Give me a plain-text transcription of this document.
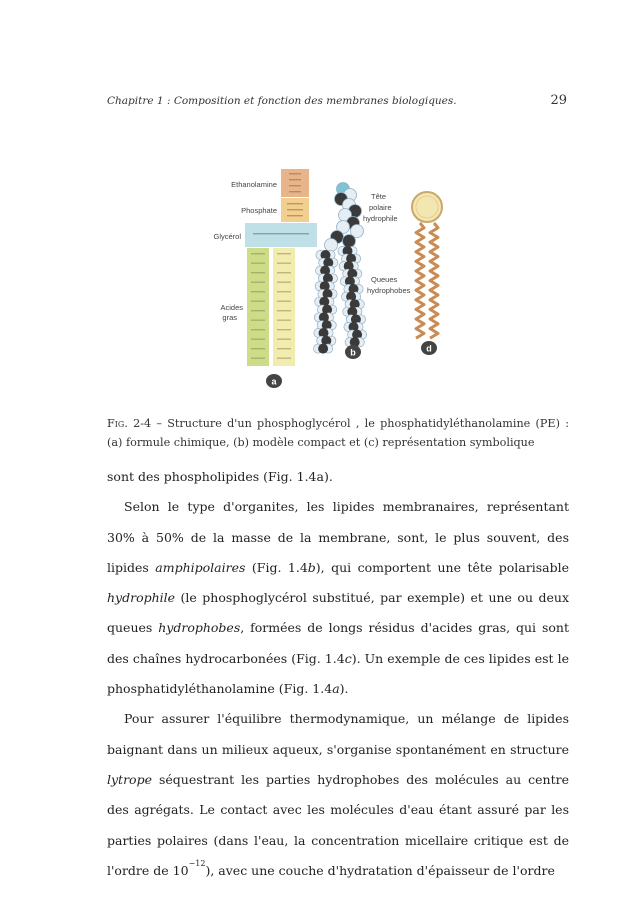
Chapitre 1 : Composition et fonction des membranes biologiques.	29
Ethanolamine
Phosphate
Glycérol
Acides
gras
Tête
polaire
hydrophile
Queues
hydrophobes
a
b	d
Fig. 2-4 – Structure d'un phosphoglycérol , le phosphatidyléthanolamine (PE) : (a) formule chimique, (b) modèle compact et (c) représentation symbolique

sont des phospholipides (Fig. 1.4a).

Selon le type d'organites, les lipides membranaires, représentant 30% à 50% de la masse de la membrane, sont, le plus souvent, des lipides amphipolaires (Fig. 1.4b), qui comportent une tête polarisable hydrophile (le phosphoglycérol substitué, par exemple) et une ou deux queues hydrophobes, formées de longs résidus d'acides gras, qui sont des chaînes hydrocarbonées (Fig. 1.4c). Un exemple de ces lipides est le phosphatidyléthanolamine (Fig. 1.4a).

Pour assurer l'équilibre thermodynamique, un mélange de lipides baignant dans un milieux aqueux, s'organise spontanément en structure lytrope séquestrant les parties hydrophobes des molécules au centre des agrégats. Le contact avec les molécules d'eau étant assuré par les parties polaires (dans l'eau, la concentration micellaire critique est de l'ordre de $10^{-12}$), avec une couche d'hydratation d'épaisseur de l'ordre
